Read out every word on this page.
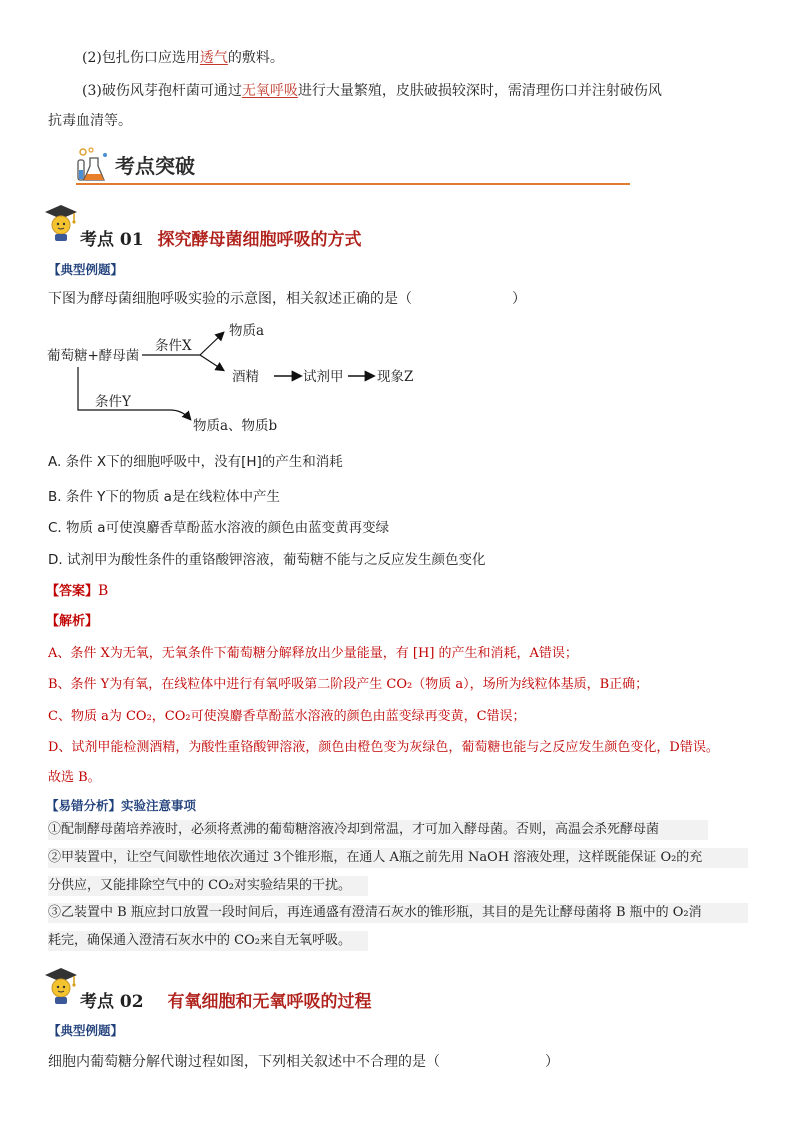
(2)包扎伤口应选用透气的敷料。
(3)破伤风芽孢杆菌可通过无氧呼吸进行大量繁殖，皮肤破损较深时，需清理伤口并注射破伤风
抗毒血清等。
考点突破
考点 01 探究酵母菌细胞呼吸的方式
【典型例题】
下图为酵母菌细胞呼吸实验的示意图，相关叙述正确的是（	）
葡萄糖+酵母菌
条件X
物质a
酒精	试剂甲 现象Z
条件Y
物质a、物质b
A. 条件 X下的细胞呼吸中，没有[H]的产生和消耗
B. 条件 Y下的物质 a是在线粒体中产生
C. 物质 a可使溴麝香草酚蓝水溶液的颜色由蓝变黄再变绿
D. 试剂甲为酸性条件的重铬酸钾溶液，葡萄糖不能与之反应发生颜色变化
【答案】B
【解析】
A、条件 X为无氧，无氧条件下葡萄糖分解释放出少量能量，有 [H] 的产生和消耗，A错误；
B、条件 Y为有氧，在线粒体中进行有氧呼吸第二阶段产生 CO₂（物质 a），场所为线粒体基质，B正确；
C、物质 a为 CO₂，CO₂可使溴麝香草酚蓝水溶液的颜色由蓝变绿再变黄，C错误；
D、试剂甲能检测酒精，为酸性重铬酸钾溶液，颜色由橙色变为灰绿色，葡萄糖也能与之反应发生颜色变化，D错误。
故选 B。
【易错分析】实验注意事项
①配制酵母菌培养液时，必须将煮沸的葡萄糖溶液冷却到常温，才可加入酵母菌。否则，高温会杀死酵母菌
②甲装置中，让空气间歇性地依次通过 3个锥形瓶，在通人 A瓶之前先用 NaOH 溶液处理，这样既能保证 O₂的充
分供应，又能排除空气中的 CO₂对实验结果的干扰。
③乙装置中 B 瓶应封口放置一段时间后，再连通盛有澄清石灰水的锥形瓶，其目的是先让酵母菌将 B 瓶中的 O₂消
耗完，确保通入澄清石灰水中的 CO₂来自无氧呼吸。
考点 02 有氧细胞和无氧呼吸的过程
【典型例题】
细胞内葡萄糖分解代谢过程如图，下列相关叙述中不合理的是（	）
